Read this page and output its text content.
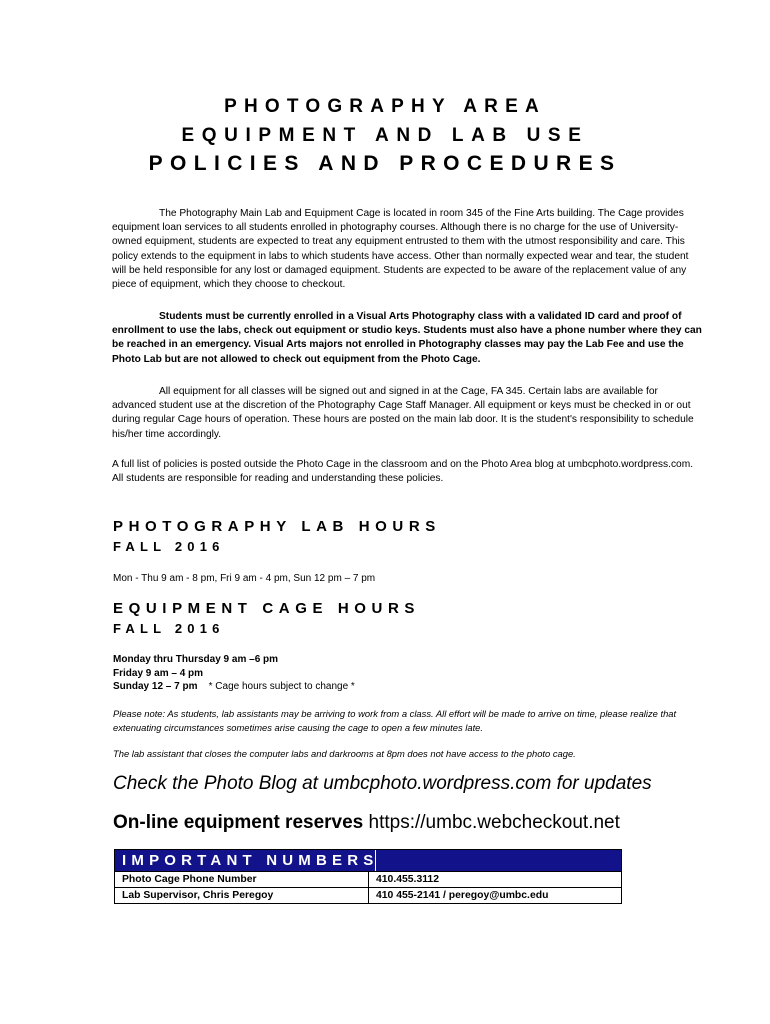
PHOTOGRAPHY AREA
EQUIPMENT AND LAB USE
POLICIES AND PROCEDURES
The Photography Main Lab and Equipment Cage is located in room 345 of the Fine Arts building. The Cage provides equipment loan services to all students enrolled in photography courses. Although there is no charge for the use of University-owned equipment, students are expected to treat any equipment entrusted to them with the utmost responsibility and care. This policy extends to the equipment in labs to which students have access. Other than normally expected wear and tear, the student will be held responsible for any lost or damaged equipment. Students are expected to be aware of the replacement value of any piece of equipment, which they choose to checkout.
Students must be currently enrolled in a Visual Arts Photography class with a validated ID card and proof of enrollment to use the labs, check out equipment or studio keys. Students must also have a phone number where they can be reached in an emergency. Visual Arts majors not enrolled in Photography classes may pay the Lab Fee and use the Photo Lab but are not allowed to check out equipment from the Photo Cage.
All equipment for all classes will be signed out and signed in at the Cage, FA 345. Certain labs are available for advanced student use at the discretion of the Photography Cage Staff Manager. All equipment or keys must be checked in or out during regular Cage hours of operation. These hours are posted on the main lab door. It is the student's responsibility to schedule his/her time accordingly.
A full list of policies is posted outside the Photo Cage in the classroom and on the Photo Area blog at umbcphoto.wordpress.com. All students are responsible for reading and understanding these policies.
PHOTOGRAPHY LAB HOURS
FALL 2016
Mon - Thu 9 am - 8 pm, Fri 9 am - 4 pm, Sun 12 pm – 7 pm
EQUIPMENT CAGE HOURS
FALL 2016
Monday thru Thursday 9 am –6 pm
Friday 9 am – 4 pm
Sunday 12 – 7 pm * Cage hours subject to change *
Please note: As students, lab assistants may be arriving to work from a class. All effort will be made to arrive on time, please realize that extenuating circumstances sometimes arise causing the cage to open a few minutes late.
The lab assistant that closes the computer labs and darkrooms at 8pm does not have access to the photo cage.
Check the Photo Blog at umbcphoto.wordpress.com for updates
On-line equipment reserves https://umbc.webcheckout.net
IMPORTANT NUMBERS
Photo Cage Phone Number	410.455.3112
Lab Supervisor, Chris Peregoy	410 455-2141 / peregoy@umbc.edu
